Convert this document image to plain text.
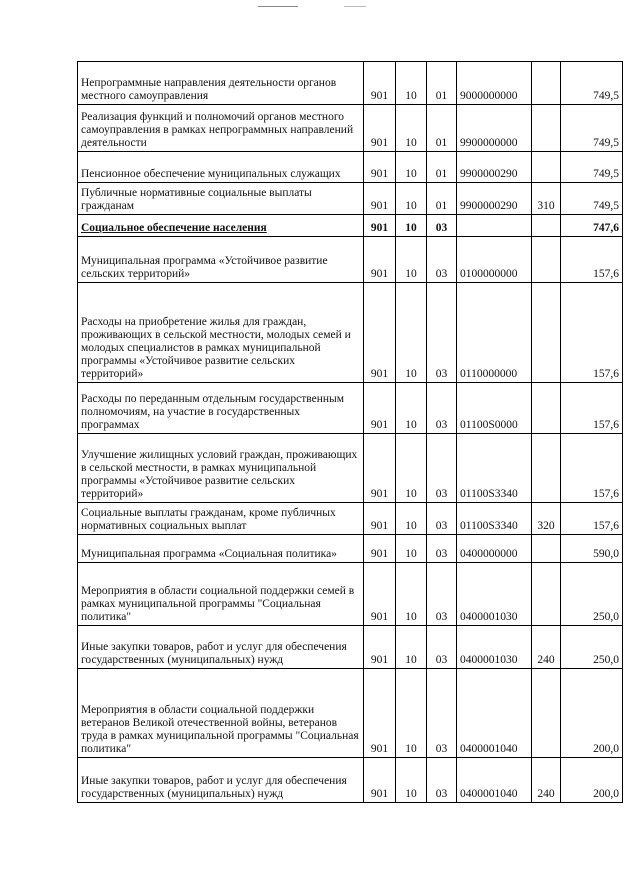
Непрограммные направления деятельности органов местного самоуправления	901	10	01	9000000000		749,5
Реализация функций и полномочий органов местного самоуправления в рамках непрограммных направлений деятельности	901	10	01	9900000000		749,5
Пенсионное обеспечение муниципальных служащих	901	10	01	9900000290		749,5
Публичные нормативные социальные выплаты гражданам	901	10	01	9900000290	310	749,5
Социальное обеспечение населения	901	10	03			747,6
Муниципальная программа «Устойчивое развитие сельских территорий»	901	10	03	0100000000		157,6
Расходы на приобретение жилья для граждан, проживающих в сельской местности, молодых семей и молодых специалистов в рамках муниципальной программы «Устойчивое развитие сельских территорий»	901	10	03	0110000000		157,6
Расходы по переданным отдельным государственным полномочиям, на участие в государственных программах	901	10	03	01100S0000		157,6
Улучшение жилищных условий граждан, проживающих в сельской местности, в рамках муниципальной программы «Устойчивое развитие сельских территорий»	901	10	03	01100S3340		157,6
Социальные выплаты гражданам, кроме публичных нормативных социальных выплат	901	10	03	01100S3340	320	157,6
Муниципальная программа «Социальная политика»	901	10	03	0400000000		590,0
Мероприятия в области социальной поддержки семей в рамках муниципальной программы "Социальная политика"	901	10	03	0400001030		250,0
Иные закупки товаров, работ и услуг для обеспечения государственных (муниципальных) нужд	901	10	03	0400001030	240	250,0
Мероприятия в области социальной поддержки ветеранов Великой отечественной войны, ветеранов труда в рамках муниципальной программы "Социальная политика"	901	10	03	0400001040		200,0
Иные закупки товаров, работ и услуг для обеспечения государственных (муниципальных) нужд	901	10	03	0400001040	240	200,0
